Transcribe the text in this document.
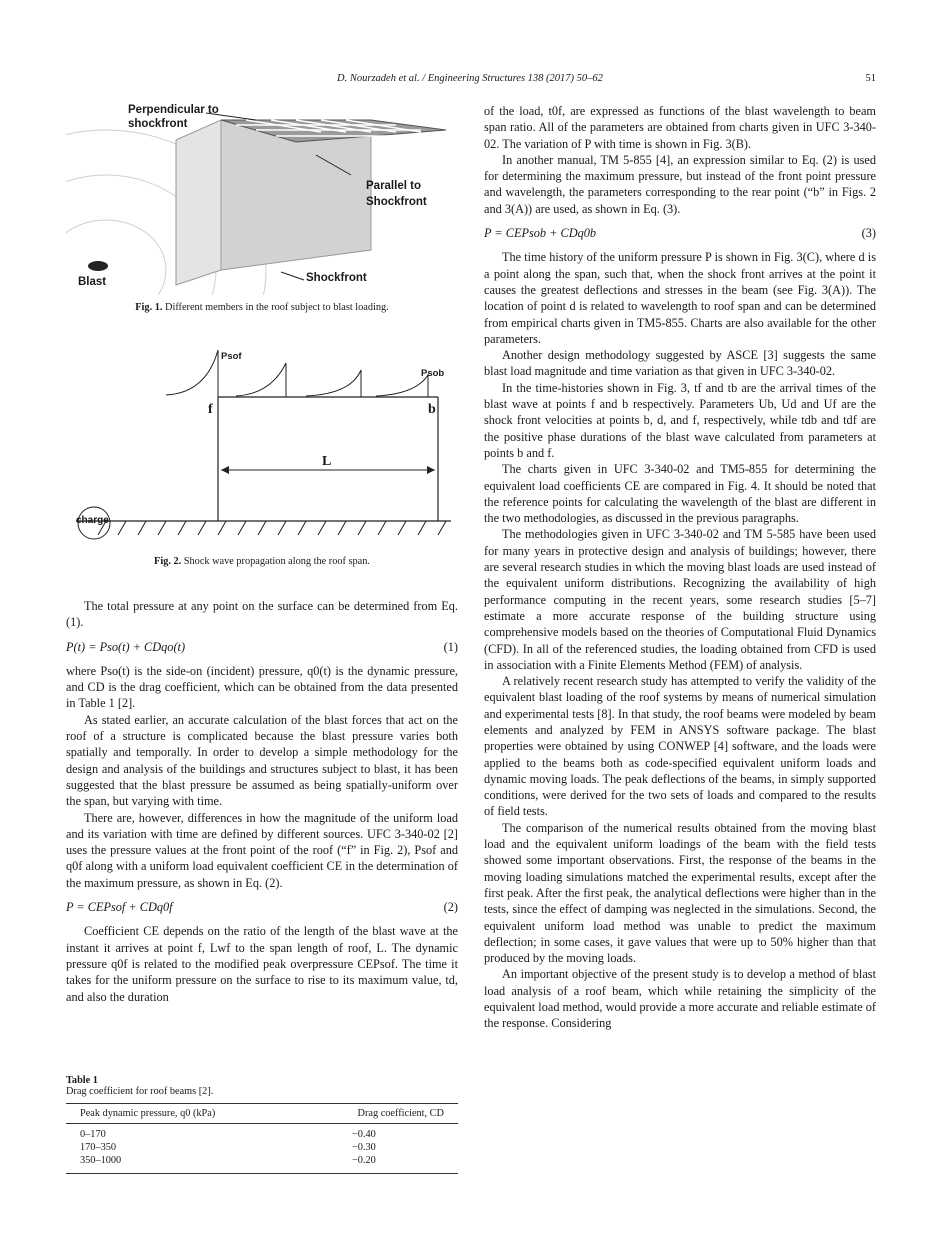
D. Nourzadeh et al. / Engineering Structures 138 (2017) 50–62	51
Perpendicular to shockfront
Parallel to Shockfront
Shockfront
Blast
Fig. 1. Different members in the roof subject to blast loading.
Psof
Psob
f	b
L
charge
Fig. 2. Shock wave propagation along the roof span.

The total pressure at any point on the surface can be determined from Eq. (1).

P(t) = Pso(t) + CDqo(t)	(1)

where Pso(t) is the side-on (incident) pressure, q0(t) is the dynamic pressure, and CD is the drag coefficient, which can be obtained from the data presented in Table 1 [2].

As stated earlier, an accurate calculation of the blast forces that act on the roof of a structure is complicated because the blast pressure varies both spatially and temporally. In order to develop a simple methodology for the design and analysis of the buildings and structures subject to blast, it has been suggested that the blast pressure be assumed as being spatially-uniform over the span, but varying with time.

There are, however, differences in how the magnitude of the uniform load and its variation with time are defined by different sources. UFC 3-340-02 [2] uses the pressure values at the front point of the roof (“f” in Fig. 2), Psof and q0f along with a uniform load equivalent coefficient CE in the determination of the maximum pressure, as shown in Eq. (2).

P = CEPsof + CDq0f	(2)

Coefficient CE depends on the ratio of the length of the blast wave at the instant it arrives at point f, Lwf to the span length of roof, L. The dynamic pressure q0f is related to the modified peak overpressure CEPsof. The time it takes for the uniform pressure on the surface to rise to its maximum value, td, and also the duration

Table 1
Drag coefficient for roof beams [2].
Peak dynamic pressure, q0 (kPa)	Drag coefficient, CD
0–170	−0.40
170–350	−0.30
350–1000	−0.20

of the load, t0f, are expressed as functions of the blast wavelength to beam span ratio. All of the parameters are obtained from charts given in UFC 3-340-02. The variation of P with time is shown in Fig. 3(B).

In another manual, TM 5-855 [4], an expression similar to Eq. (2) is used for determining the maximum pressure, but instead of the front point pressure and wavelength, the parameters corresponding to the rear point (“b” in Figs. 2 and 3(A)) are used, as shown in Eq. (3).

P = CEPsob + CDq0b	(3)

The time history of the uniform pressure P is shown in Fig. 3(C), where d is a point along the span, such that, when the shock front arrives at the point it causes the greatest deflections and stresses in the beam (see Fig. 3(A)). The location of point d is related to wavelength to roof span and can be determined from empirical charts given in TM5-855. Charts are also available for the other parameters.

Another design methodology suggested by ASCE [3] suggests the same blast load magnitude and time variation as that given in UFC 3-340-02.

In the time-histories shown in Fig. 3, tf and tb are the arrival times of the blast wave at points f and b respectively. Parameters Ub, Ud and Uf are the shock front velocities at points b, d, and f, respectively, while tdb and tdf are the positive phase durations of the blast wave calculated from parameters at points b and f.

The charts given in UFC 3-340-02 and TM5-855 for determining the equivalent load coefficients CE are compared in Fig. 4. It should be noted that the reference points for calculating the wavelength of the blast are different in the two methodologies, as discussed in the previous paragraphs.

The methodologies given in UFC 3-340-02 and TM 5-585 have been used for many years in protective design and analysis of buildings; however, there are several research studies in which the moving blast loads are used instead of the equivalent uniform distributions. Recognizing the availability of high performance computing in the recent years, some research studies [5–7] estimate a more accurate response of the building structure using comprehensive models based on the theories of Computational Fluid Dynamics (CFD). In all of the referenced studies, the loading obtained from CFD is used in association with a Finite Elements Method (FEM) of analysis.

A relatively recent research study has attempted to verify the validity of the equivalent blast loading of the roof systems by means of numerical simulation and experimental tests [8]. In that study, the roof beams were modeled by beam elements and analyzed by FEM in ANSYS software package. The blast properties were obtained by using CONWEP [4] software, and the loads were applied to the beams both as code-specified equivalent uniform loads and dynamic moving loads. The peak deflections of the beams, in simply supported conditions, were derived for the two sets of loads and compared to the results of field tests.

The comparison of the numerical results obtained from the moving blast load and the equivalent uniform loadings of the beam with the field tests showed some important observations. First, the response of the beams in the moving loading simulations matched the experimental results, except after the first peak. After the first peak, the analytical deflections were higher than in the tests, since the effect of damping was neglected in the simulations. Second, the equivalent uniform load method was unable to predict the maximum deflection; in some cases, it gave values that were up to 50% higher than that produced by the moving loads.

An important objective of the present study is to develop a method of blast load analysis of a roof beam, which while retaining the simplicity of the equivalent load method, would provide a more accurate and reliable estimate of the response. Considering
